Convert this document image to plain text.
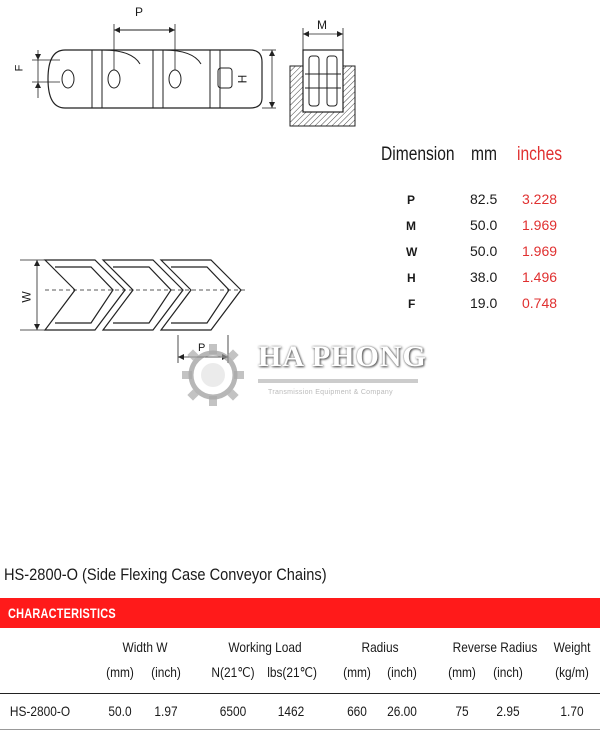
P
F
H
M
Dimension mm inches
P	82.5 3.228
M	50.0 1.969
W	50.0 1.969
H	38.0 1.496
F	19.0 0.748
W
P HA PHONG
Transmission Equipment & Company
HS-2800-O (Side Flexing Case Conveyor Chains)
CHARACTERISTICS
Width W	Working Load	Radius	Reverse Radius	Weight
(mm) (inch) N(21℃) lbs(21℃) (mm) (inch) (mm) (inch)	(kg/m)
HS-2800-O	50.0	1.97	6500	1462	660	26.00	75	2.95	1.70
